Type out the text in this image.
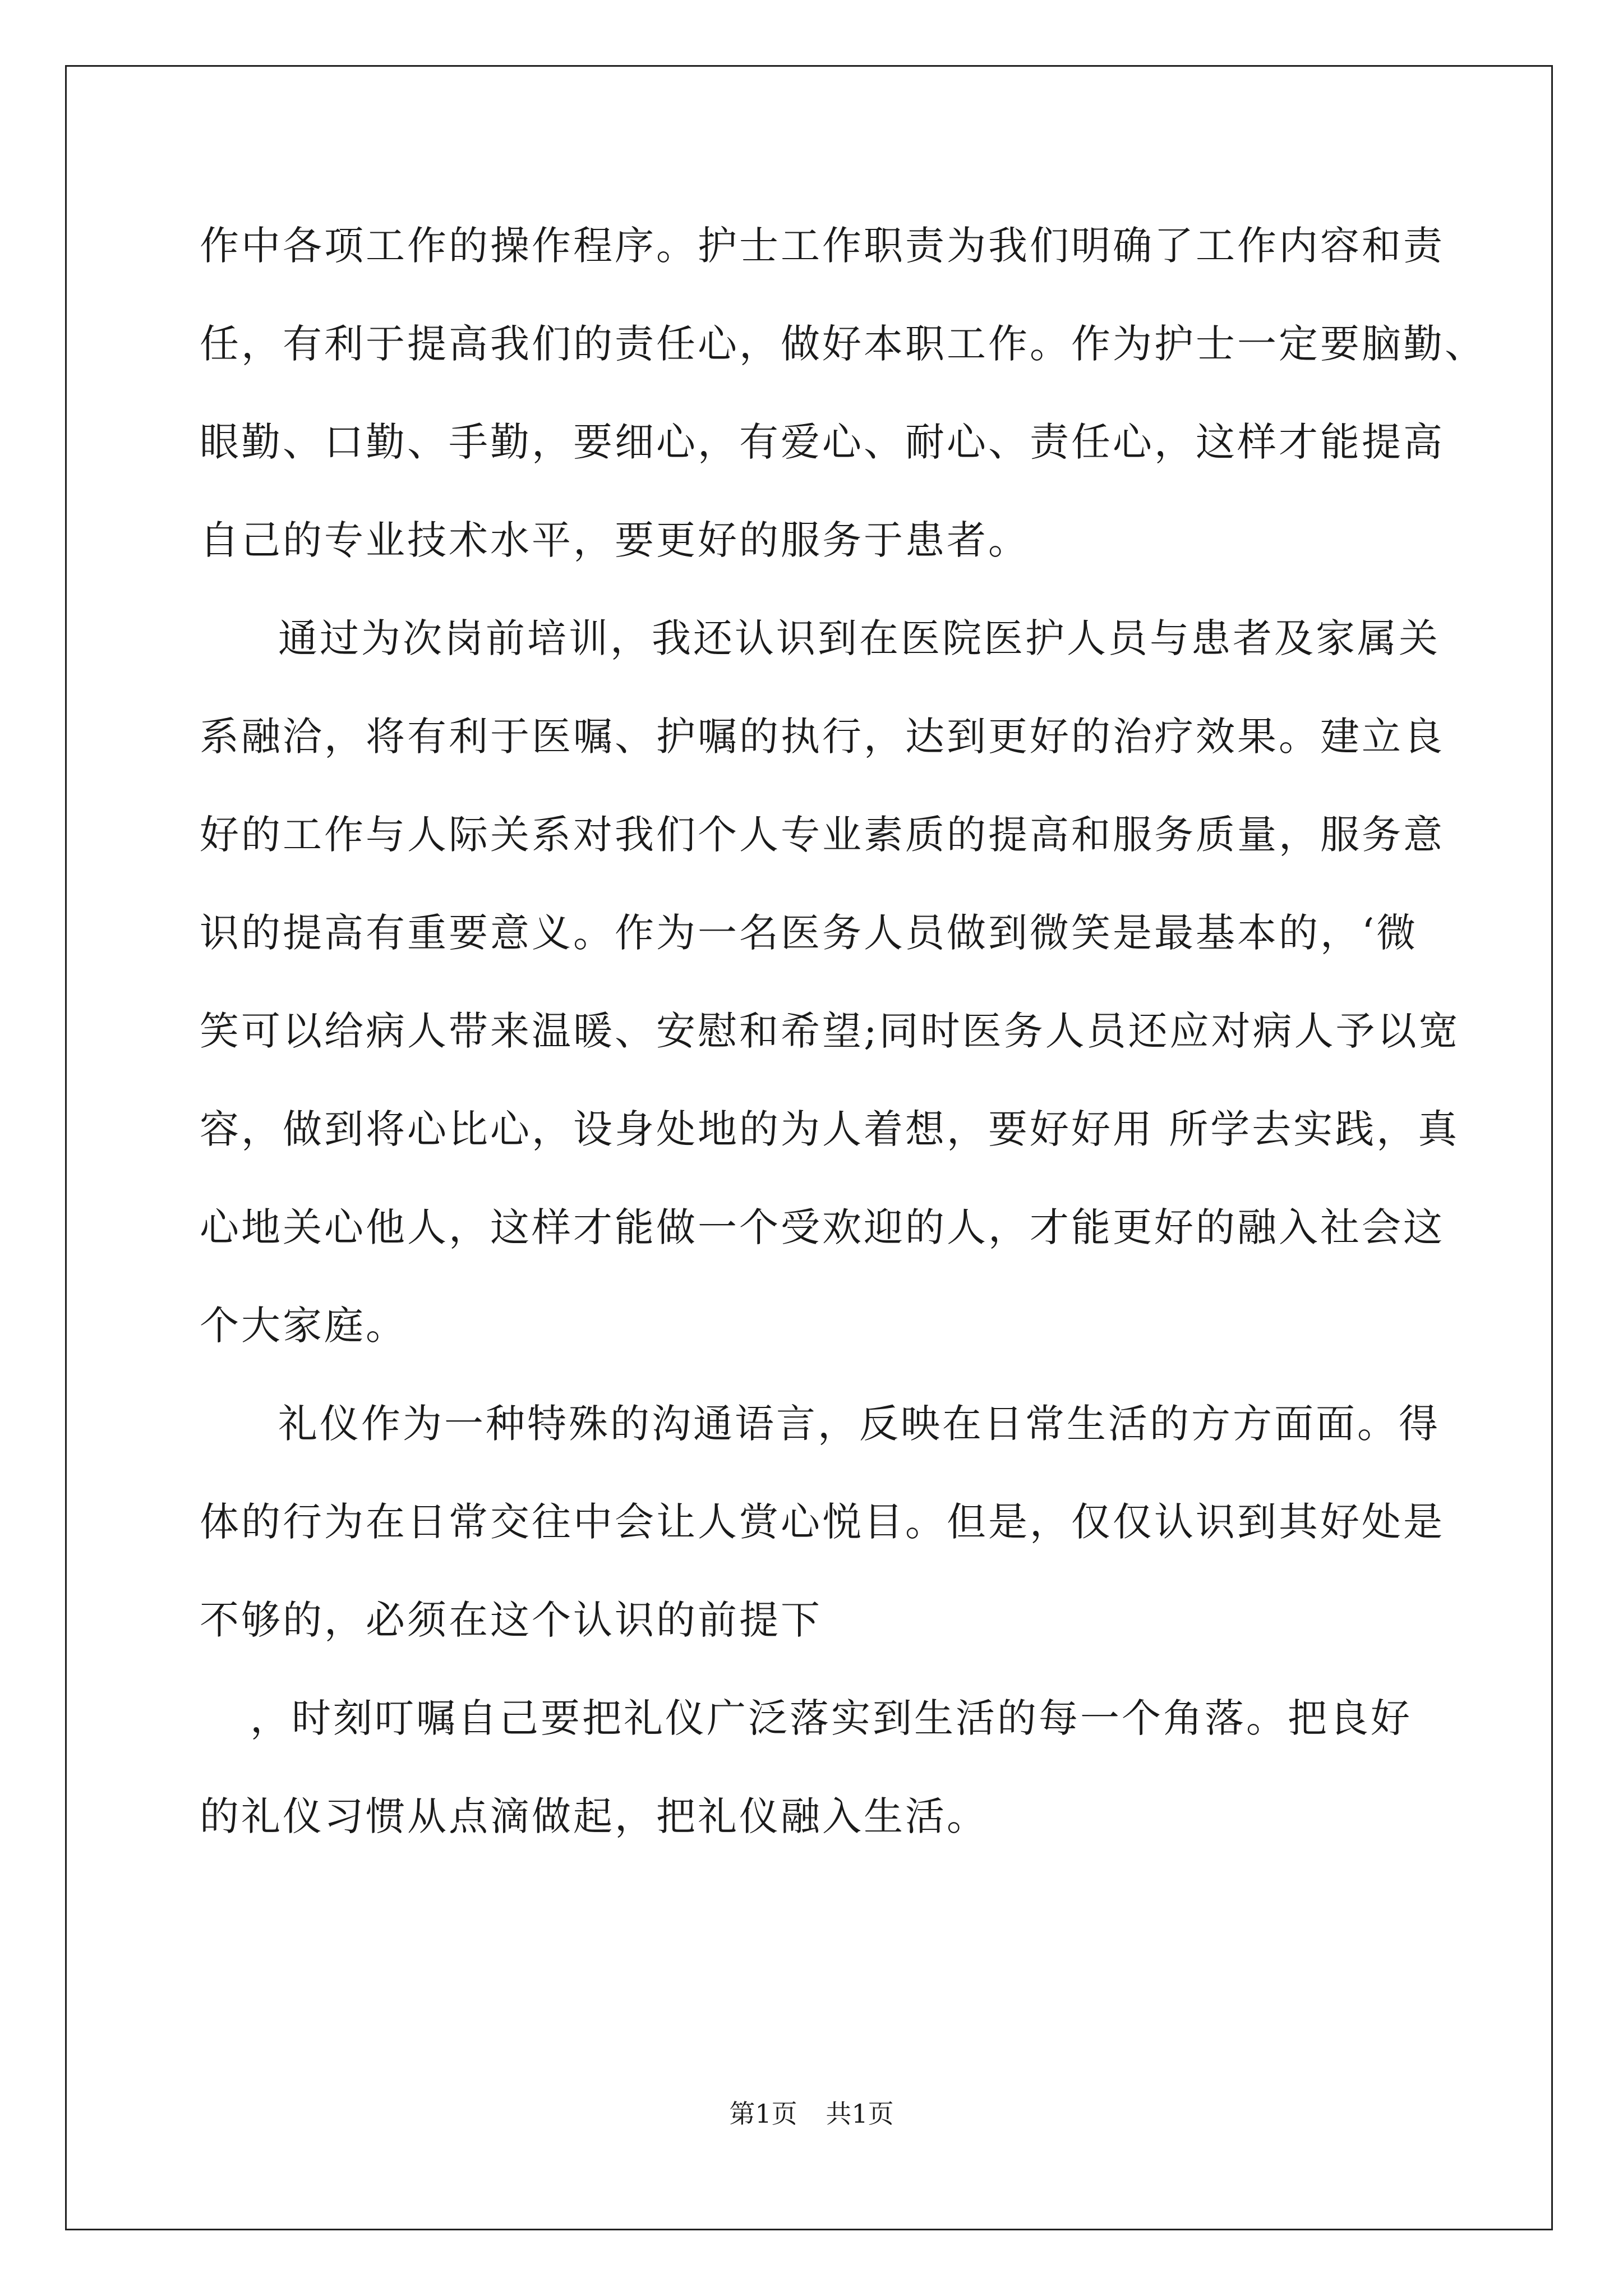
作中各项工作的操作程序。护士工作职责为我们明确了工作内容和责
任，有利于提高我们的责任心，做好本职工作。作为护士一定要脑勤、
眼勤、口勤、手勤，要细心，有爱心、耐心、责任心，这样才能提高
自己的专业技术水平，要更好的服务于患者。
通过为次岗前培训，我还认识到在医院医护人员与患者及家属关
系融洽，将有利于医嘱、护嘱的执行，达到更好的治疗效果。建立良
好的工作与人际关系对我们个人专业素质的提高和服务质量，服务意
识的提高有重要意义。作为一名医务人员做到微笑是最基本的，‘微
笑可以给病人带来温暖、安慰和希望;同时医务人员还应对病人予以宽
容，做到将心比心，设身处地的为人着想，要好好用 所学去实践，真
心地关心他人，这样才能做一个受欢迎的人，才能更好的融入社会这
个大家庭。
礼仪作为一种特殊的沟通语言，反映在日常生活的方方面面。得
体的行为在日常交往中会让人赏心悦目。但是，仅仅认识到其好处是
不够的，必须在这个认识的前提下
，时刻叮嘱自己要把礼仪广泛落实到生活的每一个角落。把良好
的礼仪习惯从点滴做起，把礼仪融入生活。
第1页 共1页
